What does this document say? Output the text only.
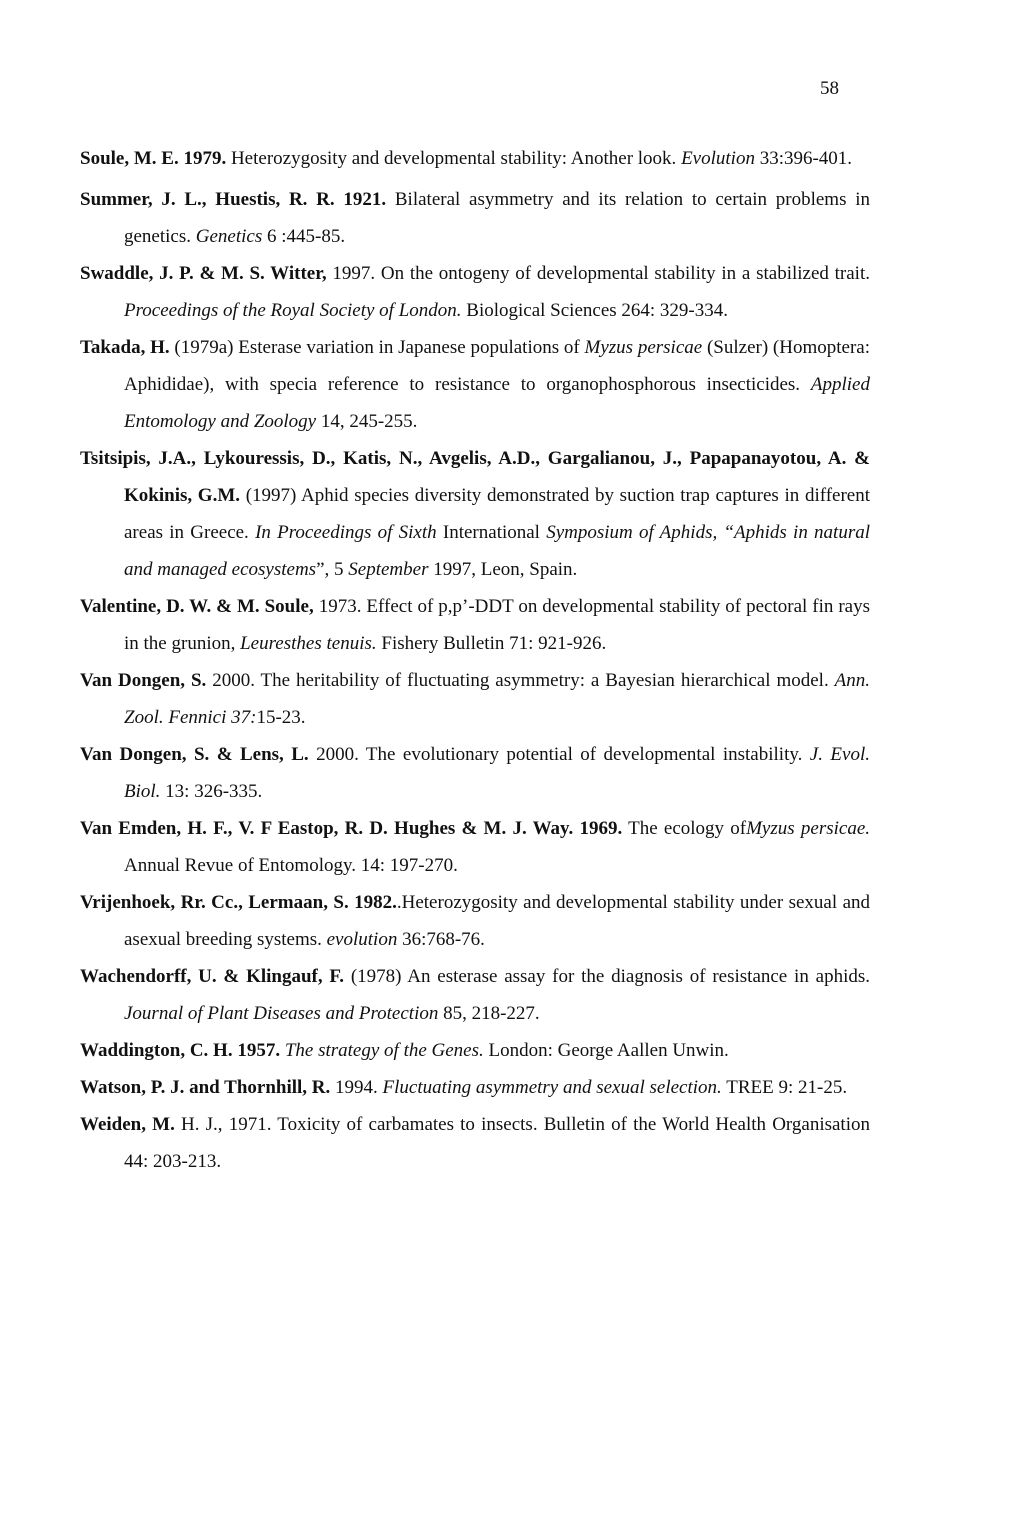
58

Soule, M. E. 1979. Heterozygosity and developmental stability: Another look. Evolution 33:396-401.

Summer, J. L., Huestis, R. R. 1921. Bilateral asymmetry and its relation to certain problems in genetics. Genetics 6 :445-85.

Swaddle, J. P. & M. S. Witter, 1997. On the ontogeny of developmental stability in a stabilized trait. Proceedings of the Royal Society of London. Biological Sciences 264: 329-334.

Takada, H. (1979a) Esterase variation in Japanese populations of Myzus persicae (Sulzer) (Homoptera: Aphididae), with specia reference to resistance to organophosphorous insecticides. Applied Entomology and Zoology 14, 245-255.

Tsitsipis, J.A., Lykouressis, D., Katis, N., Avgelis, A.D., Gargalianou, J., Papapanayotou, A. & Kokinis, G.M. (1997) Aphid species diversity demonstrated by suction trap captures in different areas in Greece. In Proceedings of Sixth International Symposium of Aphids, “Aphids in natural and managed ecosystems”, 5 September 1997, Leon, Spain.

Valentine, D. W. & M. Soule, 1973. Effect of p,p’-DDT on developmental stability of pectoral fin rays in the grunion, Leuresthes tenuis. Fishery Bulletin 71: 921-926.

Van Dongen, S. 2000. The heritability of fluctuating asymmetry: a Bayesian hierarchical model. Ann. Zool. Fennici 37:15-23.

Van Dongen, S. & Lens, L. 2000. The evolutionary potential of developmental instability. J. Evol. Biol. 13: 326-335.

Van Emden, H. F., V. F Eastop, R. D. Hughes & M. J. Way. 1969. The ecology ofMyzus persicae. Annual Revue of Entomology. 14: 197-270.

Vrijenhoek, Rr. Cc., Lermaan, S. 1982..Heterozygosity and developmental stability under sexual and asexual breeding systems. evolution 36:768-76.

Wachendorff, U. & Klingauf, F. (1978) An esterase assay for the diagnosis of resistance in aphids. Journal of Plant Diseases and Protection 85, 218-227.

Waddington, C. H. 1957. The strategy of the Genes. London: George Aallen Unwin.

Watson, P. J. and Thornhill, R. 1994. Fluctuating asymmetry and sexual selection. TREE 9: 21-25.

Weiden, M. H. J., 1971. Toxicity of carbamates to insects. Bulletin of the World Health Organisation 44: 203-213.
